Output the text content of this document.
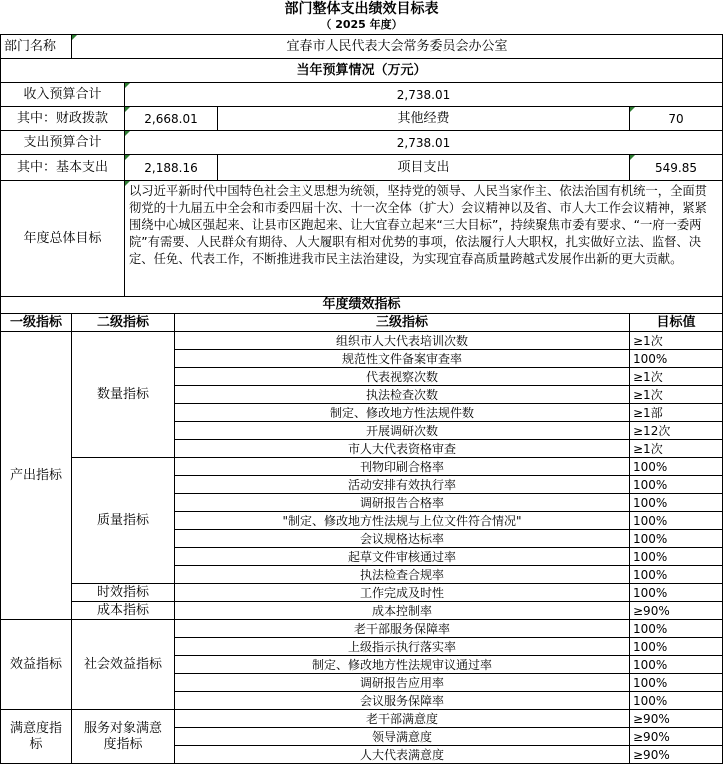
部门整体支出绩效目标表
（ 2025 年度）
部门名称	宜春市人民代表大会常务委员会办公室				
当年预算情况（万元）					
收入预算合计		2,738.01			
其中：财政拨款		2,668.01		其他经费	70
支出预算合计		2,738.01			
其中：基本支出		2,188.16		项目支出	549.85
年度总体目标		以习近平新时代中国特色社会主义思想为统领，坚持党的领导、人民当家作主、依法治国有机统一，全面贯彻党的十九届五中全会和市委四届十次、十一次全体（扩大）会议精神以及省、市人大工作会议精神，紧紧围绕中心城区强起来、让县市区跑起来、让大宜春立起来“三大目标”，持续聚焦市委有要求、“一府一委两院”有需要、人民群众有期待、人大履职有相对优势的事项，依法履行人大职权，扎实做好立法、监督、决定、任免、代表工作，不断推进我市民主法治建设，为实现宜春高质量跨越式发展作出新的更大贡献。			
年度绩效指标					
一级指标	二级指标		三级指标		目标值
产出指标	数量指标		组织市人大代表培训次数		≥1次
			规范性文件备案审查率		100%
			代表视察次数		≥1次
			执法检查次数		≥1次
			制定、修改地方性法规件数		≥1部
			开展调研次数		≥12次
			市人大代表资格审查		≥1次
	质量指标		刊物印刷合格率		100%
			活动安排有效执行率		100%
			调研报告合格率		100%
			"制定、修改地方性法规与上位文件符合情况"		100%
			会议规格达标率		100%
			起草文件审核通过率		100%
			执法检查合规率		100%
	时效指标		工作完成及时性		100%
	成本指标		成本控制率		≥90%
效益指标	社会效益指标		老干部服务保障率		100%
			上级指示执行落实率		100%
			制定、修改地方性法规审议通过率		100%
			调研报告应用率		100%
			会议服务保障率		100%
满意度指标	服务对象满意度指标		老干部满意度		≥90%
			领导满意度		≥90%
			人大代表满意度		≥90%
